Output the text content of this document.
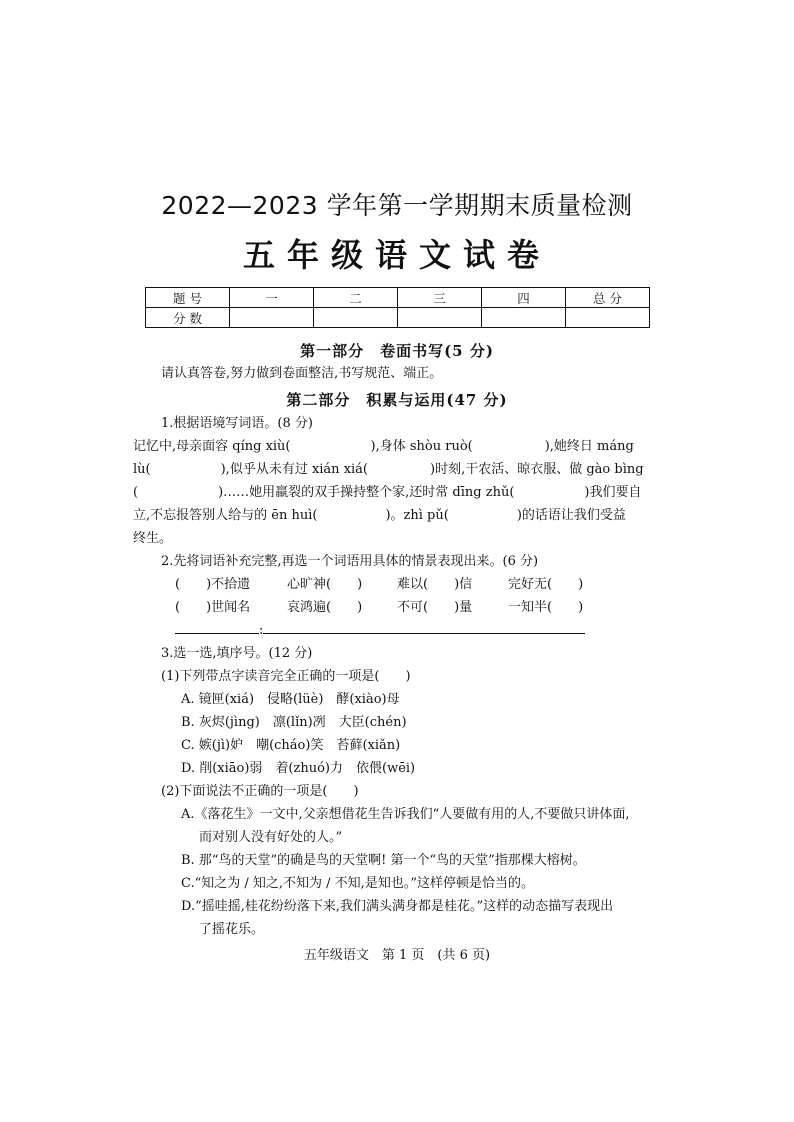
2022—2023 学年第一学期期末质量检测
五年级语文试卷
题 号	一	二	三	四	总 分
分 数					
第一部分　卷面书写(5 分)
请认真答卷,努力做到卷面整洁,书写规范、端正。
第二部分　积累与运用(47 分)
1.根据语境写词语。(8 分)
记忆中,母亲面容 qíng xiù(	),身体 shòu ruò(	),她终日 máng
lù(	),似乎从未有过 xián xiá(	)时刻,干农活、晾衣服、做 gào bìng
(	)……她用羸裂的双手操持整个家,还时常 dīng zhǔ(	)我们要自
立,不忘报答别人给与的 ēn huì(	)。zhì pǔ(	)的话语让我们受益
终生。
2.先将词语补充完整,再选一个词语用具体的情景表现出来。(6 分)
(　　)不拾遗	心旷神(　　)	难以(　　)信	完好无(　　)
(　　)世闻名	哀鸿遍(　　)	不可(　　)量	一知半(　　)
:
3.选一选,填序号。(12 分)
(1)下列带点字读音完全正确的一项是(　　)
A. 镜匣(xiá)　侵略(lüè)　酵(xiào)母
B. 灰烬(jìng)　凛(lǐn)冽　大臣(chén)
C. 嫉(jì)妒　嘲(cháo)笑　苔藓(xiǎn)
D. 削(xiāo)弱　着(zhuó)力　依偎(wēi)
(2)下面说法不正确的一项是(　　)
A.《落花生》一文中,父亲想借花生告诉我们“人要做有用的人,不要做只讲体面,
而对别人没有好处的人。”
B. 那“鸟的天堂”的确是鸟的天堂啊! 第一个“鸟的天堂”指那棵大榕树。
C.“知之为 / 知之,不知为 / 不知,是知也。”这样停顿是恰当的。
D.“摇哇摇,桂花纷纷落下来,我们满头满身都是桂花。”这样的动态描写表现出
了摇花乐。
五年级语文　第 1 页　(共 6 页)
